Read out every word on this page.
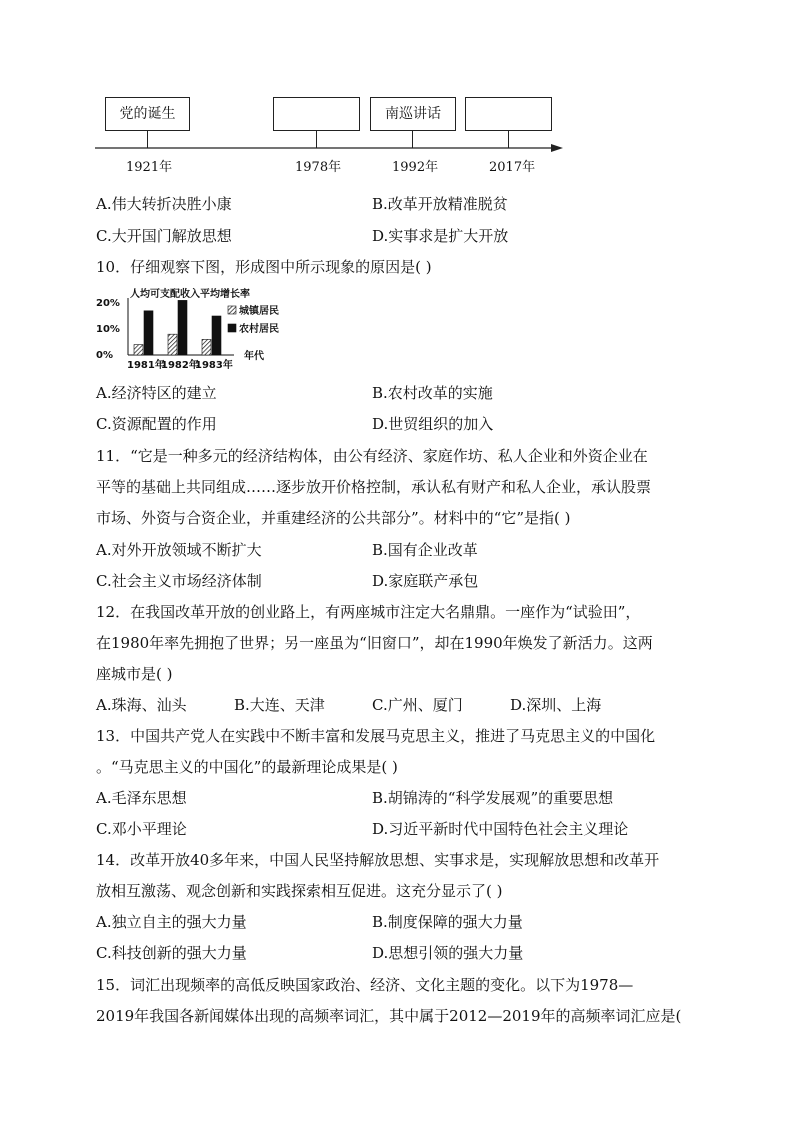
党的诞生	南巡讲话
1921年	1978年	1992年	2017年
A.伟大转折决胜小康	B.改革开放精准脱贫
C.大开国门解放思想	D.实事求是扩大开放
10．仔细观察下图，形成图中所示现象的原因是( )
人均可支配收入平均增长率
20%
10%
0%
1981年
1982年
1983年
城镇居民
农村居民
年代
A.经济特区的建立	B.农村改革的实施
C.资源配置的作用	D.世贸组织的加入
11．“它是一种多元的经济结构体，由公有经济、家庭作坊、私人企业和外资企业在
平等的基础上共同组成……逐步放开价格控制，承认私有财产和私人企业，承认股票
市场、外资与合资企业，并重建经济的公共部分”。材料中的“它”是指( )
A.对外开放领域不断扩大	B.国有企业改革
C.社会主义市场经济体制	D.家庭联产承包
12．在我国改革开放的创业路上，有两座城市注定大名鼎鼎。一座作为“试验田”，
在1980年率先拥抱了世界；另一座虽为“旧窗口”，却在1990年焕发了新活力。这两
座城市是( )
A.珠海、汕头	B.大连、天津	C.广州、厦门	D.深圳、上海
13．中国共产党人在实践中不断丰富和发展马克思主义，推进了马克思主义的中国化
。“马克思主义的中国化”的最新理论成果是( )
A.毛泽东思想	B.胡锦涛的“科学发展观”的重要思想
C.邓小平理论	D.习近平新时代中国特色社会主义理论
14．改革开放40多年来，中国人民坚持解放思想、实事求是，实现解放思想和改革开
放相互激荡、观念创新和实践探索相互促进。这充分显示了( )
A.独立自主的强大力量	B.制度保障的强大力量
C.科技创新的强大力量	D.思想引领的强大力量
15．词汇出现频率的高低反映国家政治、经济、文化主题的变化。以下为1978—
2019年我国各新闻媒体出现的高频率词汇，其中属于2012—2019年的高频率词汇应是(
